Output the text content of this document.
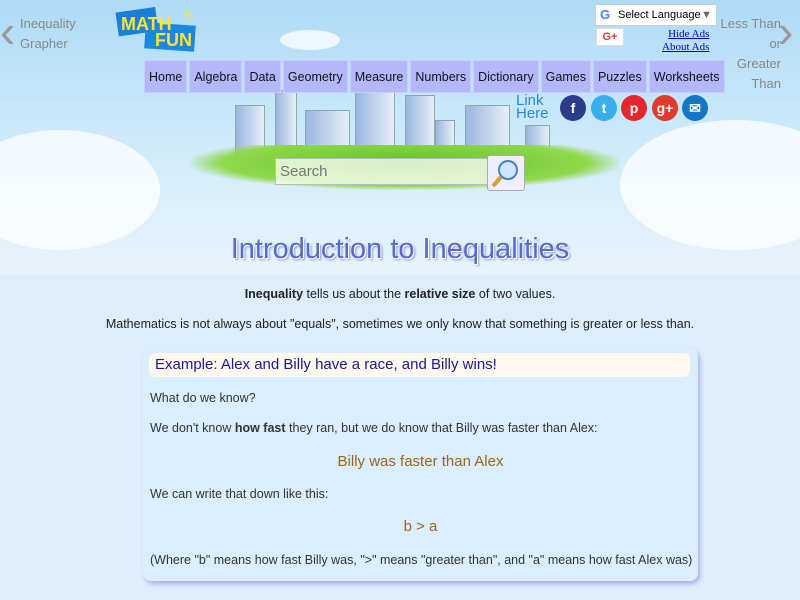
‹ Inequality
Grapher	›
Less Than or
Greater Than
MATH is
FUN
Home Algebra Data Geometry Measure Numbers Dictionary Games Puzzles Worksheets
Link
Here	f	t	p	g+	✉
Search
G Select Language ▼
G+	Hide Ads
About Ads
Introduction to Inequalities
Inequality tells us about the relative size of two values.
Mathematics is not always about "equals", sometimes we only know that something is greater or less than.
Example: Alex and Billy have a race, and Billy wins!
What do we know?
We don't know how fast they ran, but we do know that Billy was faster than Alex:
Billy was faster than Alex
We can write that down like this:
b > a
(Where "b" means how fast Billy was, ">" means "greater than", and "a" means how fast Alex was)
